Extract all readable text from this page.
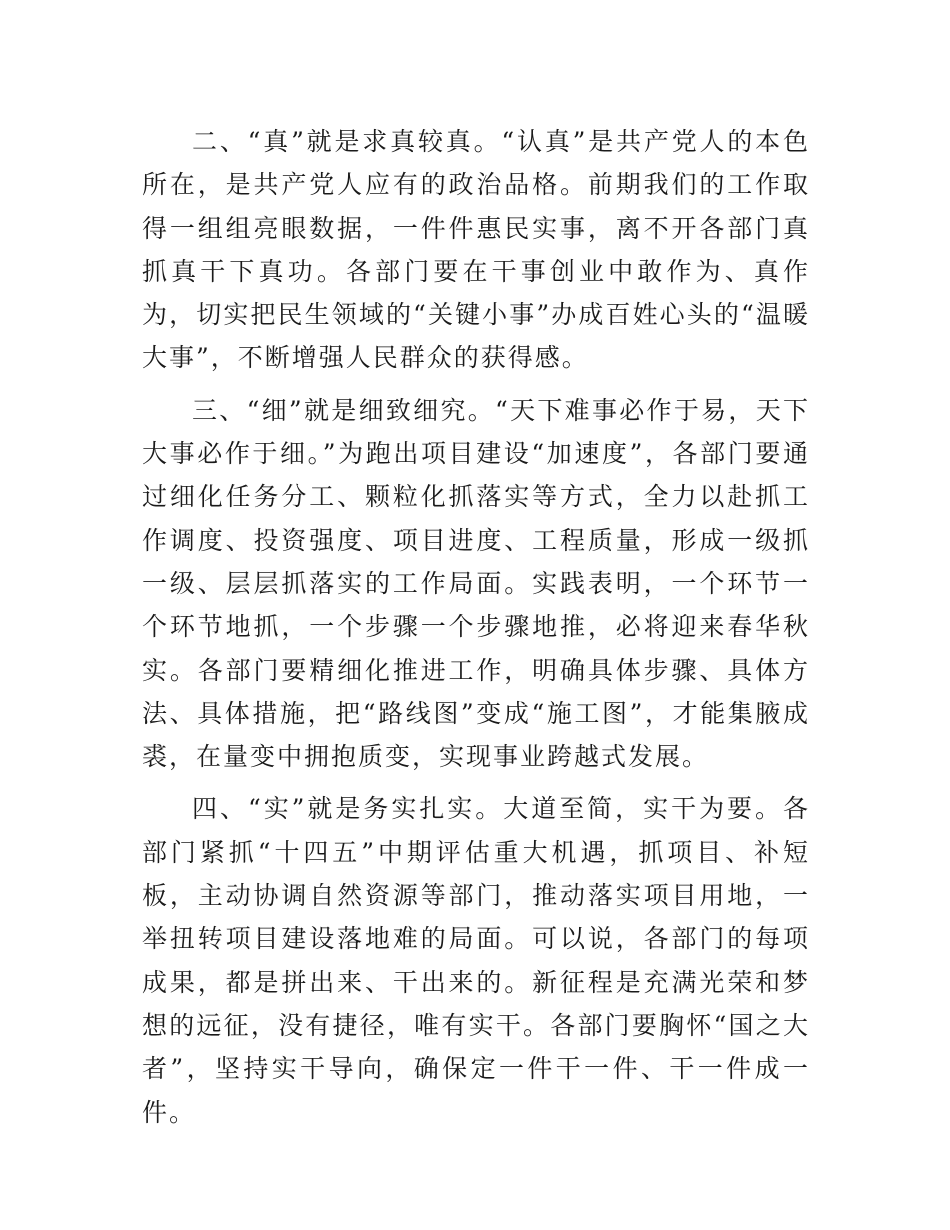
二、“真”就是求真较真。“认真”是共产党人的本色所在，是共产党人应有的政治品格。前期我们的工作取得一组组亮眼数据，一件件惠民实事，离不开各部门真抓真干下真功。各部门要在干事创业中敢作为、真作为，切实把民生领域的“关键小事”办成百姓心头的“温暖大事”，不断增强人民群众的获得感。

三、“细”就是细致细究。“天下难事必作于易，天下大事必作于细。”为跑出项目建设“加速度”，各部门要通过细化任务分工、颗粒化抓落实等方式，全力以赴抓工作调度、投资强度、项目进度、工程质量，形成一级抓一级、层层抓落实的工作局面。实践表明，一个环节一个环节地抓，一个步骤一个步骤地推，必将迎来春华秋实。各部门要精细化推进工作，明确具体步骤、具体方法、具体措施，把“路线图”变成“施工图”，才能集腋成裘，在量变中拥抱质变，实现事业跨越式发展。

四、“实”就是务实扎实。大道至简，实干为要。各部门紧抓“十四五”中期评估重大机遇，抓项目、补短板，主动协调自然资源等部门，推动落实项目用地，一举扭转项目建设落地难的局面。可以说，各部门的每项成果，都是拼出来、干出来的。新征程是充满光荣和梦想的远征，没有捷径，唯有实干。各部门要胸怀“国之大者”，坚持实干导向，确保定一件干一件、干一件成一件。
